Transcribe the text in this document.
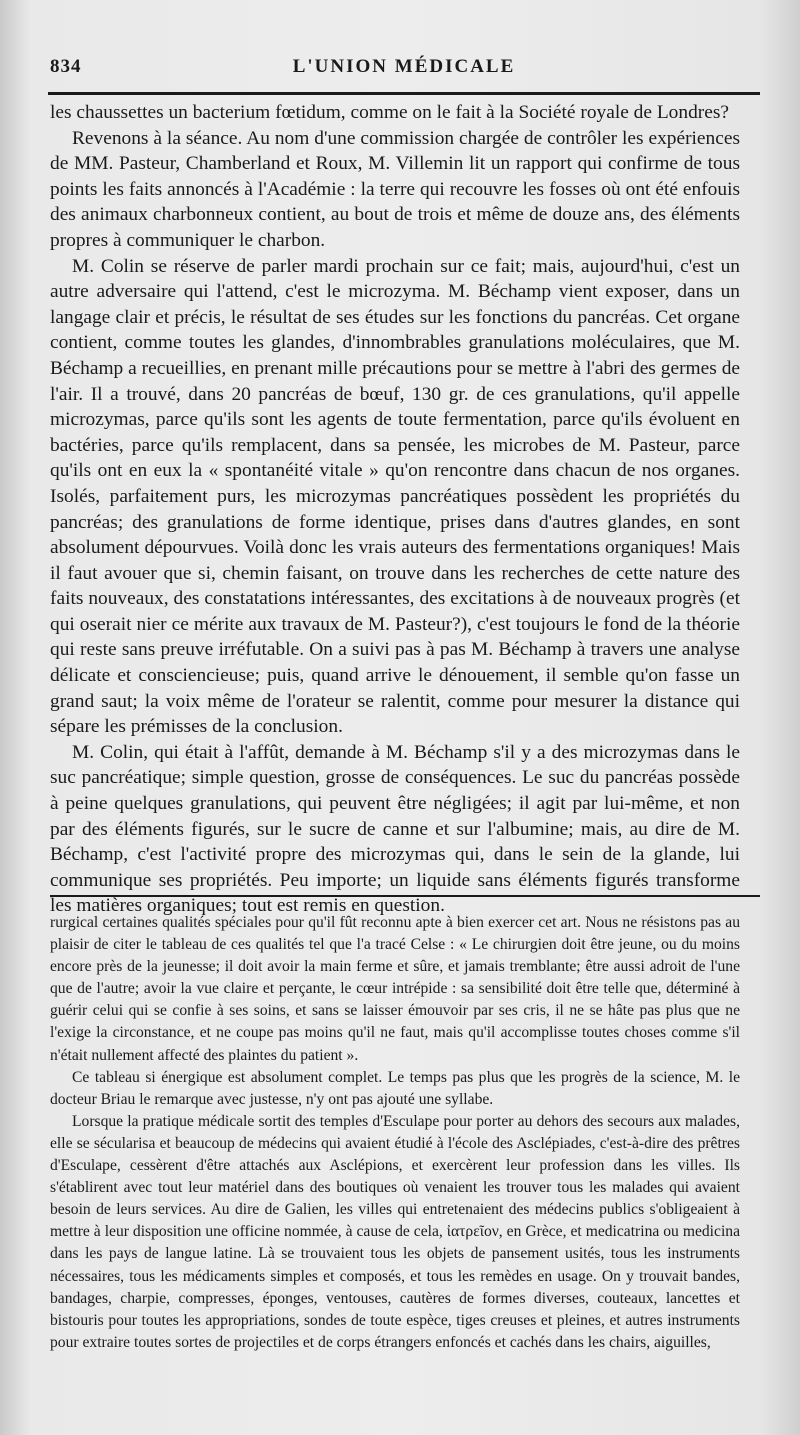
834	L'UNION MÉDICALE

les chaussettes un bacterium fœtidum, comme on le fait à la Société royale de Londres?

Revenons à la séance. Au nom d'une commission chargée de contrôler les expériences de MM. Pasteur, Chamberland et Roux, M. Villemin lit un rapport qui confirme de tous points les faits annoncés à l'Académie : la terre qui recouvre les fosses où ont été enfouis des animaux charbonneux contient, au bout de trois et même de douze ans, des éléments propres à communiquer le charbon.

M. Colin se réserve de parler mardi prochain sur ce fait; mais, aujourd'hui, c'est un autre adversaire qui l'attend, c'est le microzyma. M. Béchamp vient exposer, dans un langage clair et précis, le résultat de ses études sur les fonctions du pancréas. Cet organe contient, comme toutes les glandes, d'innombrables granulations moléculaires, que M. Béchamp a recueillies, en prenant mille précautions pour se mettre à l'abri des germes de l'air. Il a trouvé, dans 20 pancréas de bœuf, 130 gr. de ces granulations, qu'il appelle microzymas, parce qu'ils sont les agents de toute fermentation, parce qu'ils évoluent en bactéries, parce qu'ils remplacent, dans sa pensée, les microbes de M. Pasteur, parce qu'ils ont en eux la « spontanéité vitale » qu'on rencontre dans chacun de nos organes. Isolés, parfaitement purs, les microzymas pancréatiques possèdent les propriétés du pancréas; des granulations de forme identique, prises dans d'autres glandes, en sont absolument dépourvues. Voilà donc les vrais auteurs des fermentations organiques! Mais il faut avouer que si, chemin faisant, on trouve dans les recherches de cette nature des faits nouveaux, des constatations intéressantes, des excitations à de nouveaux progrès (et qui oserait nier ce mérite aux travaux de M. Pasteur?), c'est toujours le fond de la théorie qui reste sans preuve irréfutable. On a suivi pas à pas M. Béchamp à travers une analyse délicate et consciencieuse; puis, quand arrive le dénouement, il semble qu'on fasse un grand saut; la voix même de l'orateur se ralentit, comme pour mesurer la distance qui sépare les prémisses de la conclusion.

M. Colin, qui était à l'affût, demande à M. Béchamp s'il y a des microzymas dans le suc pancréatique; simple question, grosse de conséquences. Le suc du pancréas possède à peine quelques granulations, qui peuvent être négligées; il agit par lui-même, et non par des éléments figurés, sur le sucre de canne et sur l'albumine; mais, au dire de M. Béchamp, c'est l'activité propre des microzymas qui, dans le sein de la glande, lui communique ses propriétés. Peu importe; un liquide sans éléments figurés transforme les matières organiques; tout est remis en question.

rurgical certaines qualités spéciales pour qu'il fût reconnu apte à bien exercer cet art. Nous ne résistons pas au plaisir de citer le tableau de ces qualités tel que l'a tracé Celse : « Le chirurgien doit être jeune, ou du moins encore près de la jeunesse; il doit avoir la main ferme et sûre, et jamais tremblante; être aussi adroit de l'une que de l'autre; avoir la vue claire et perçante, le cœur intrépide : sa sensibilité doit être telle que, déterminé à guérir celui qui se confie à ses soins, et sans se laisser émouvoir par ses cris, il ne se hâte pas plus que ne l'exige la circonstance, et ne coupe pas moins qu'il ne faut, mais qu'il accomplisse toutes choses comme s'il n'était nullement affecté des plaintes du patient ».

Ce tableau si énergique est absolument complet. Le temps pas plus que les progrès de la science, M. le docteur Briau le remarque avec justesse, n'y ont pas ajouté une syllabe.

Lorsque la pratique médicale sortit des temples d'Esculape pour porter au dehors des secours aux malades, elle se sécularisa et beaucoup de médecins qui avaient étudié à l'école des Asclépiades, c'est-à-dire des prêtres d'Esculape, cessèrent d'être attachés aux Asclépions, et exercèrent leur profession dans les villes. Ils s'établirent avec tout leur matériel dans des boutiques où venaient les trouver tous les malades qui avaient besoin de leurs services. Au dire de Galien, les villes qui entretenaient des médecins publics s'obligeaient à mettre à leur disposition une officine nommée, à cause de cela, ἰατρεῖον, en Grèce, et medicatrina ou medicina dans les pays de langue latine. Là se trouvaient tous les objets de pansement usités, tous les instruments nécessaires, tous les médicaments simples et composés, et tous les remèdes en usage. On y trouvait bandes, bandages, charpie, compresses, éponges, ventouses, cautères de formes diverses, couteaux, lancettes et bistouris pour toutes les appropriations, sondes de toute espèce, tiges creuses et pleines, et autres instruments pour extraire toutes sortes de projectiles et de corps étrangers enfoncés et cachés dans les chairs, aiguilles,
